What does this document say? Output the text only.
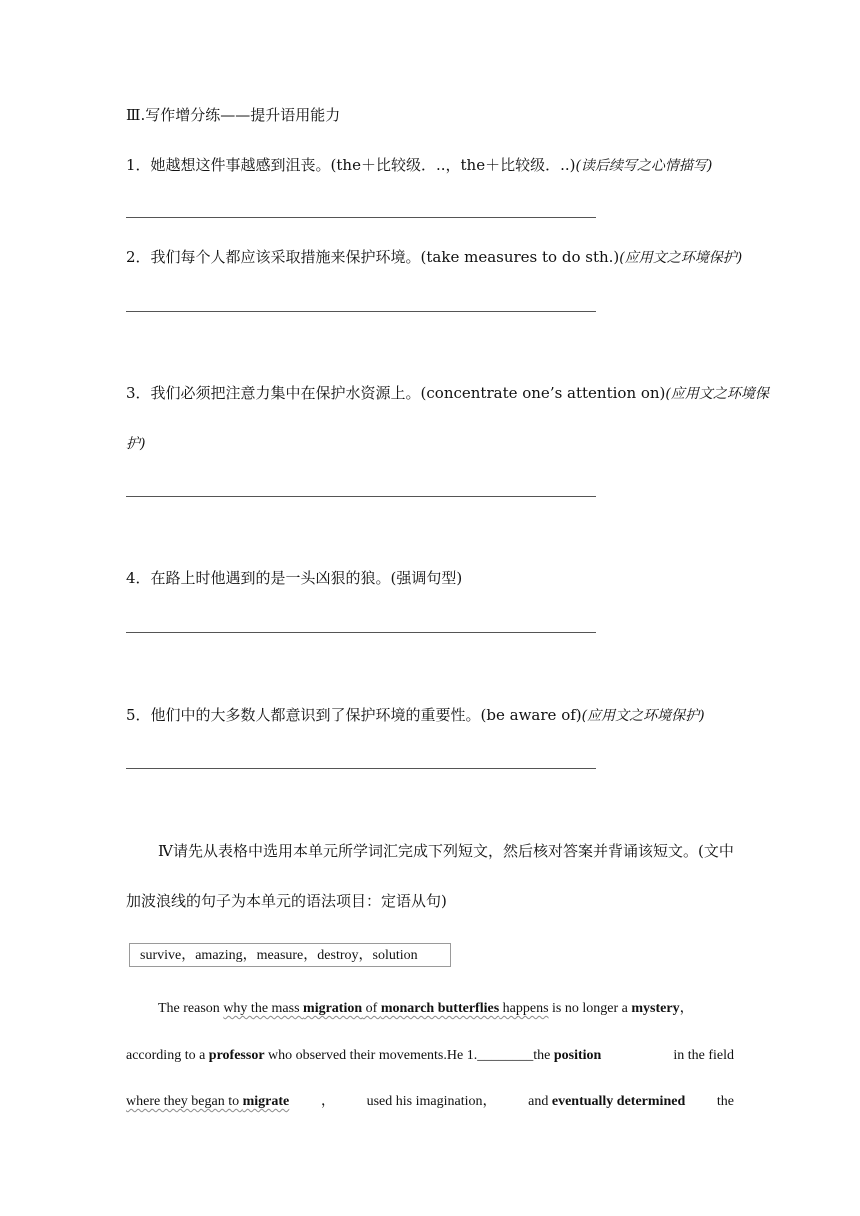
Ⅲ.写作增分练——提升语用能力
1．她越想这件事越感到沮丧。(the＋比较级．..，the＋比较级．..)(读后续写之心情描写)
2．我们每个人都应该采取措施来保护环境。(take measures to do sth.)(应用文之环境保护)
3．我们必须把注意力集中在保护水资源上。(concentrate one’s attention on)(应用文之环境保
护)
4．在路上时他遇到的是一头凶狠的狼。(强调句型)
5．他们中的大多数人都意识到了保护环境的重要性。(be aware of)(应用文之环境保护)
Ⅳ请先从表格中选用本单元所学词汇完成下列短文，然后核对答案并背诵该短文。(文中
加波浪线的句子为本单元的语法项目：定语从句)
survive，amazing，measure，destroy，solution
The reason why the mass migration of monarch butterflies happens is no longer a mystery，
according to a professor who observed their movements.He 1.________the position	in the field
where they began to migrate ， used his imagination， and eventually determined the
